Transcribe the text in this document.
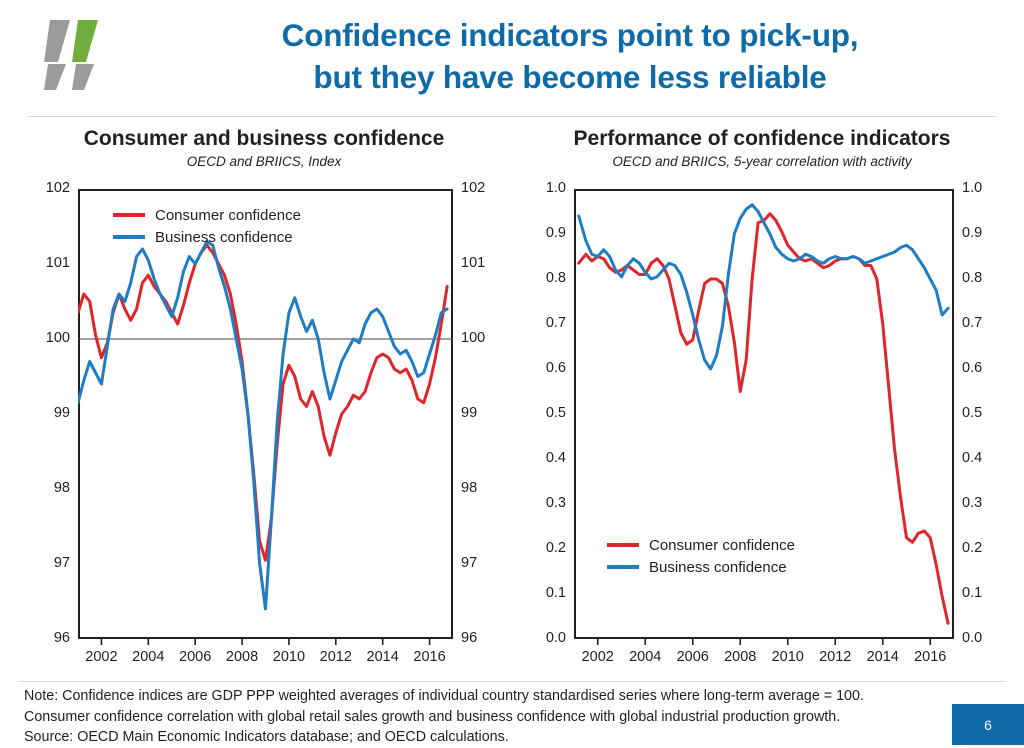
Confidence indicators point to pick-up,
but they have become less reliable
Consumer and business confidence
OECD and BRIICS, Index
102	102
101	101
100	100
99	99
98	98
97	97
96	96
2002	2004	2006	2008	2010	2012	2014	2016
Consumer confidence
Business confidence
Performance of confidence indicators
OECD and BRIICS, 5-year correlation with activity
1.0	1.0
0.9	0.9
0.8	0.8
0.7	0.7
0.6	0.6
0.5	0.5
0.4	0.4
0.3	0.3
0.2	0.2
0.1	0.1
0.0	0.0
2002	2004	2006	2008	2010	2012	2014	2016
Consumer confidence
Business confidence
Note: Confidence indices are GDP PPP weighted averages of individual country standardised series where long-term average = 100.
Consumer confidence correlation with global retail sales growth and business confidence with global industrial production growth.
Source: OECD Main Economic Indicators database; and OECD calculations.
6
